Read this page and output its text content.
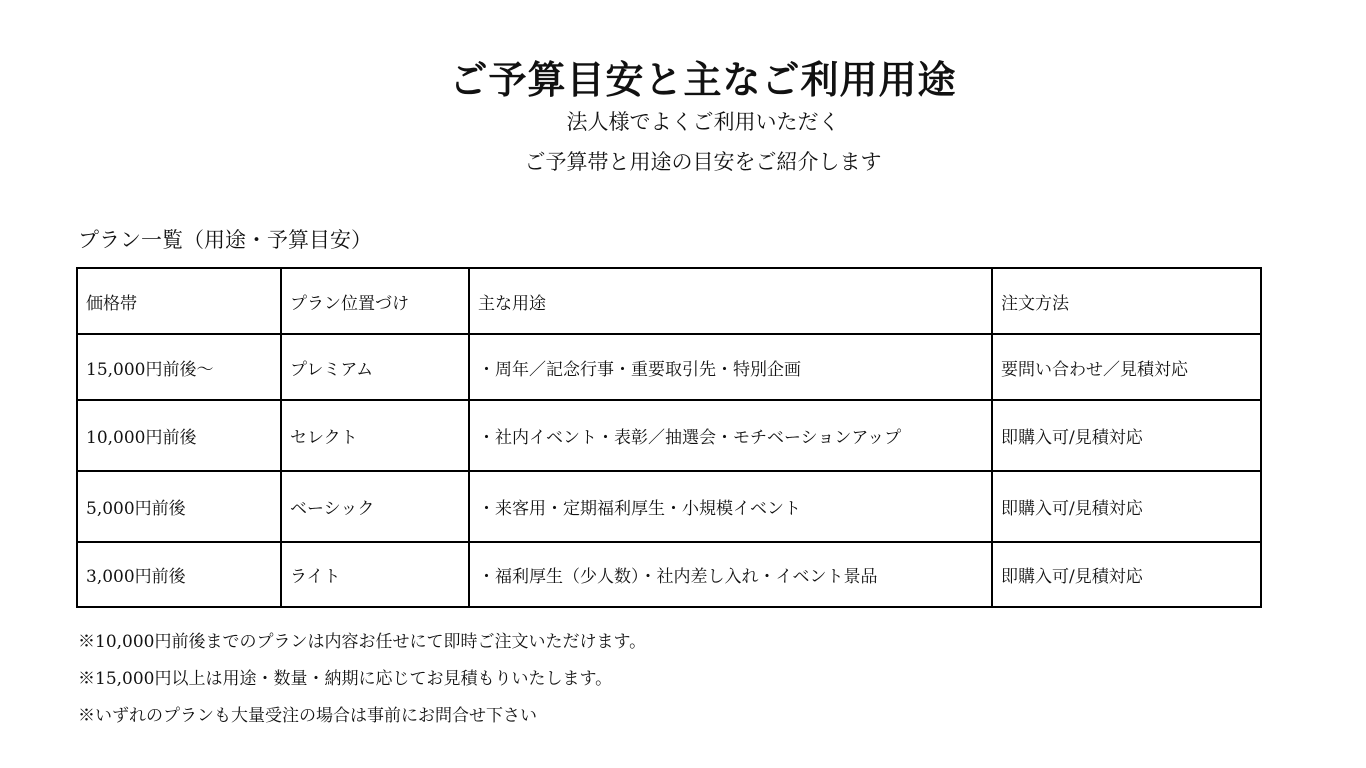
ご予算目安と主なご利用用途

法人様でよくご利用いただく

ご予算帯と用途の目安をご紹介します

プラン一覧（用途・予算目安）
価格帯	プラン位置づけ	主な用途	注文方法
15,000円前後〜	プレミアム	・周年／記念行事・重要取引先・特別企画	要問い合わせ／見積対応
10,000円前後	セレクト	・社内イベント・表彰／抽選会・モチベーションアップ	即購入可/見積対応
5,000円前後	ベーシック	・来客用・定期福利厚生・小規模イベント	即購入可/見積対応
3,000円前後	ライト	・福利厚生（少人数）・社内差し入れ・イベント景品	即購入可/見積対応

※10,000円前後までのプランは内容お任せにて即時ご注文いただけます。

※15,000円以上は用途・数量・納期に応じてお見積もりいたします。

※いずれのプランも大量受注の場合は事前にお問合せ下さい
